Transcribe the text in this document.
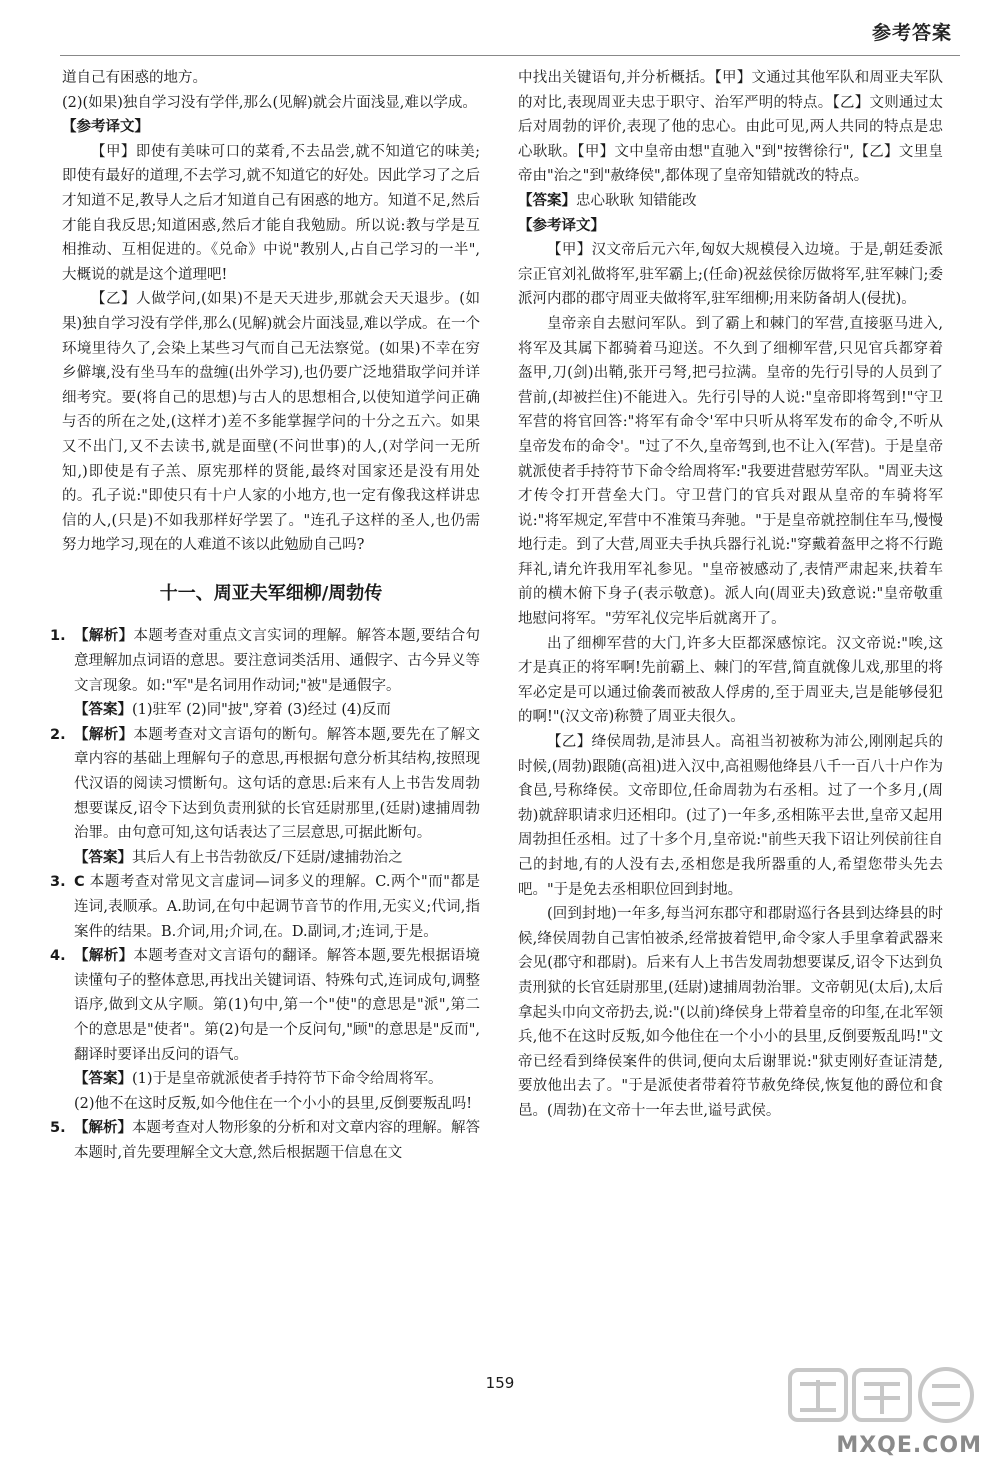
参考答案

道自己有困惑的地方。

(2)(如果)独自学习没有学伴,那么(见解)就会片面浅显,难以学成。

【参考译文】

【甲】即使有美味可口的菜肴,不去品尝,就不知道它的味美;即使有最好的道理,不去学习,就不知道它的好处。因此学习了之后才知道不足,教导人之后才知道自己有困惑的地方。知道不足,然后才能自我反思;知道困惑,然后才能自我勉励。所以说:教与学是互相推动、互相促进的。《兑命》中说"教别人,占自己学习的一半",大概说的就是这个道理吧!

【乙】人做学问,(如果)不是天天进步,那就会天天退步。(如果)独自学习没有学伴,那么(见解)就会片面浅显,难以学成。在一个环境里待久了,会染上某些习气而自己无法察觉。(如果)不幸在穷乡僻壤,没有坐马车的盘缠(出外学习),也仍要广泛地猎取学问并详细考究。要(将自己的思想)与古人的思想相合,以使知道学问正确与否的所在之处,(这样才)差不多能掌握学问的十分之五六。如果又不出门,又不去读书,就是面壁(不问世事)的人,(对学问一无所知,)即使是有子羔、原宪那样的贤能,最终对国家还是没有用处的。孔子说:"即使只有十户人家的小地方,也一定有像我这样讲忠信的人,(只是)不如我那样好学罢了。"连孔子这样的圣人,也仍需努力地学习,现在的人难道不该以此勉励自己吗?

十一、周亚夫军细柳/周勃传
1. 【解析】本题考查对重点文言实词的理解。解答本题,要结合句意理解加点词语的意思。要注意词类活用、通假字、古今异义等文言现象。如:"军"是名词用作动词;"被"是通假字。

【答案】(1)驻军 (2)同"披",穿着 (3)经过 (4)反而

2. 【解析】本题考查对文言语句的断句。解答本题,要先在了解文章内容的基础上理解句子的意思,再根据句意分析其结构,按照现代汉语的阅读习惯断句。这句话的意思:后来有人上书告发周勃想要谋反,诏令下达到负责刑狱的长官廷尉那里,(廷尉)逮捕周勃治罪。由句意可知,这句话表达了三层意思,可据此断句。

【答案】其后人有上书告勃欲反/下廷尉/逮捕勃治之

3. C 本题考查对常见文言虚词—词多义的理解。C.两个"而"都是连词,表顺承。A.助词,在句中起调节音节的作用,无实义;代词,指案件的结果。B.介词,用;介词,在。D.副词,才;连词,于是。
4. 【解析】本题考查对文言语句的翻译。解答本题,要先根据语境读懂句子的整体意思,再找出关键词语、特殊句式,连词成句,调整语序,做到文从字顺。第(1)句中,第一个"使"的意思是"派",第二个的意思是"使者"。第(2)句是一个反问句,"顾"的意思是"反而",翻译时要译出反问的语气。

【答案】(1)于是皇帝就派使者手持符节下命令给周将军。

(2)他不在这时反叛,如今他住在一个小小的县里,反倒要叛乱吗!

5. 【解析】本题考查对人物形象的分析和对文章内容的理解。解答本题时,首先要理解全文大意,然后根据题干信息在文

中找出关键语句,并分析概括。【甲】文通过其他军队和周亚夫军队的对比,表现周亚夫忠于职守、治军严明的特点。【乙】文则通过太后对周勃的评价,表现了他的忠心。由此可见,两人共同的特点是忠心耿耿。【甲】文中皇帝由想"直驰入"到"按辔徐行",【乙】文里皇帝由"治之"到"赦绛侯",都体现了皇帝知错就改的特点。

【答案】忠心耿耿 知错能改

【参考译文】

【甲】汉文帝后元六年,匈奴大规模侵入边境。于是,朝廷委派宗正官刘礼做将军,驻军霸上;(任命)祝兹侯徐厉做将军,驻军棘门;委派河内郡的郡守周亚夫做将军,驻军细柳;用来防备胡人(侵扰)。

皇帝亲自去慰问军队。到了霸上和棘门的军营,直接驱马进入,将军及其属下都骑着马迎送。不久到了细柳军营,只见官兵都穿着盔甲,刀(剑)出鞘,张开弓弩,把弓拉满。皇帝的先行引导的人员到了营前,(却被拦住)不能进入。先行引导的人说:"皇帝即将驾到!"守卫军营的将官回答:"将军有命令'军中只听从将军发布的命令,不听从皇帝发布的命令'。"过了不久,皇帝驾到,也不让入(军营)。于是皇帝就派使者手持符节下命令给周将军:"我要进营慰劳军队。"周亚夫这才传令打开营垒大门。守卫营门的官兵对跟从皇帝的车骑将军说:"将军规定,军营中不准策马奔驰。"于是皇帝就控制住车马,慢慢地行走。到了大营,周亚夫手执兵器行礼说:"穿戴着盔甲之将不行跪拜礼,请允许我用军礼参见。"皇帝被感动了,表情严肃起来,扶着车前的横木俯下身子(表示敬意)。派人向(周亚夫)致意说:"皇帝敬重地慰问将军。"劳军礼仪完毕后就离开了。

出了细柳军营的大门,许多大臣都深感惊诧。汉文帝说:"唉,这才是真正的将军啊!先前霸上、棘门的军营,简直就像儿戏,那里的将军必定是可以通过偷袭而被敌人俘虏的,至于周亚夫,岂是能够侵犯的啊!"(汉文帝)称赞了周亚夫很久。

【乙】绛侯周勃,是沛县人。高祖当初被称为沛公,刚刚起兵的时候,(周勃)跟随(高祖)进入汉中,高祖赐他绛县八千一百八十户作为食邑,号称绛侯。文帝即位,任命周勃为右丞相。过了一个多月,(周勃)就辞职请求归还相印。(过了)一年多,丞相陈平去世,皇帝又起用周勃担任丞相。过了十多个月,皇帝说:"前些天我下诏让列侯前往自己的封地,有的人没有去,丞相您是我所器重的人,希望您带头先去吧。"于是免去丞相职位回到封地。

(回到封地)一年多,每当河东郡守和郡尉巡行各县到达绛县的时候,绛侯周勃自己害怕被杀,经常披着铠甲,命令家人手里拿着武器来会见(郡守和郡尉)。后来有人上书告发周勃想要谋反,诏令下达到负责刑狱的长官廷尉那里,(廷尉)逮捕周勃治罪。文帝朝见(太后),太后拿起头巾向文帝扔去,说:"(以前)绛侯身上带着皇帝的印玺,在北军领兵,他不在这时反叛,如今他住在一个小小的县里,反倒要叛乱吗!"文帝已经看到绛侯案件的供词,便向太后谢罪说:"狱吏刚好查证清楚,要放他出去了。"于是派使者带着符节赦免绛侯,恢复他的爵位和食邑。(周勃)在文帝十一年去世,谥号武侯。

159
MXQE.COM
